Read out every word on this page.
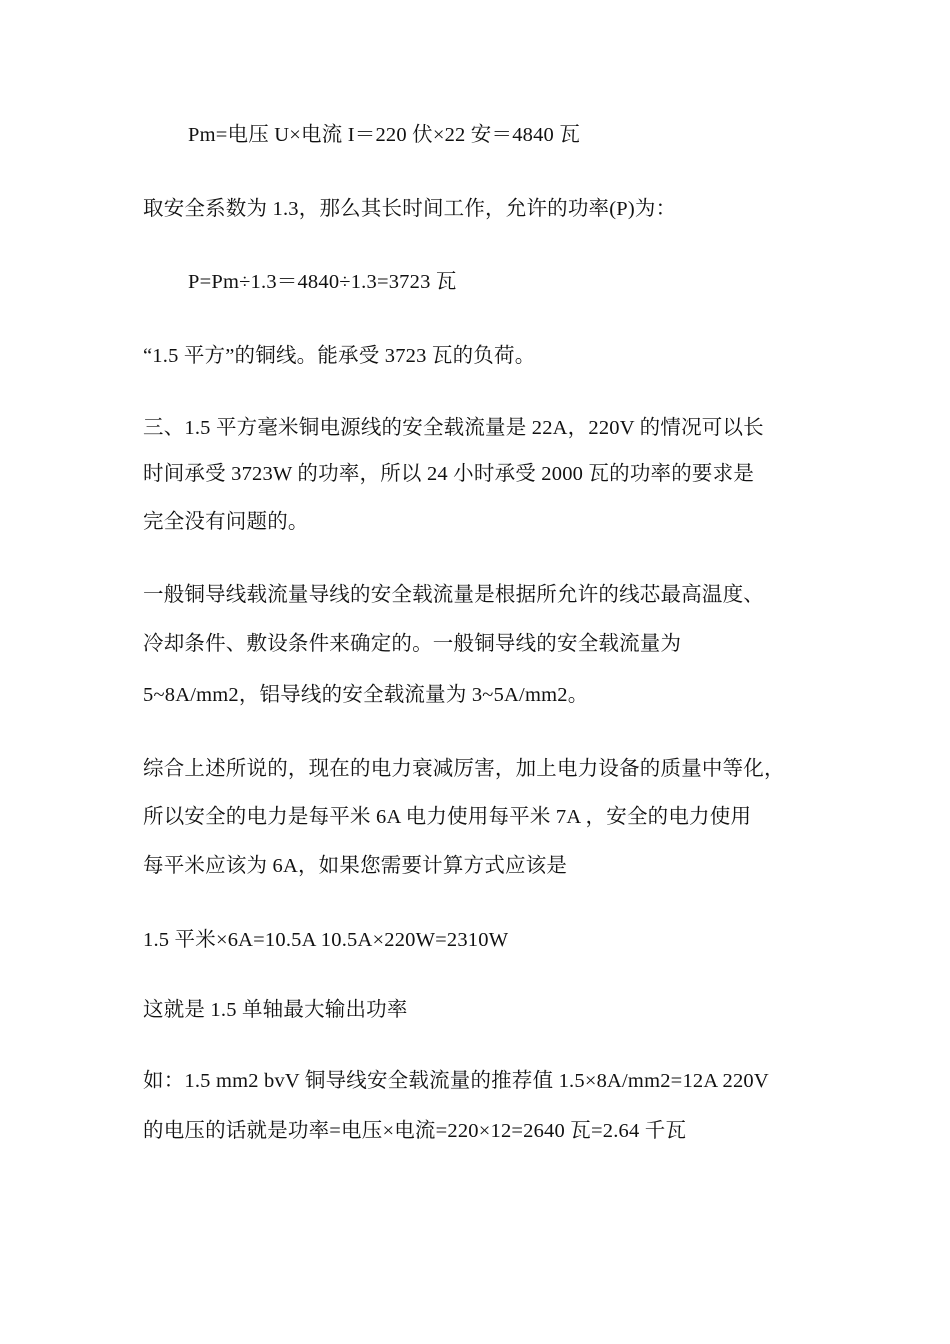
Pm=电压 U×电流 I＝220 伏×22 安＝4840 瓦
取安全系数为 1.3，那么其长时间工作，允许的功率(P)为：
P=Pm÷1.3＝4840÷1.3=3723 瓦
“1.5 平方”的铜线。能承受 3723 瓦的负荷。
三、1.5 平方毫米铜电源线的安全载流量是 22A，220V 的情况可以长
时间承受 3723W 的功率，所以 24 小时承受 2000 瓦的功率的要求是
完全没有问题的。
一般铜导线载流量导线的安全载流量是根据所允许的线芯最高温度、
冷却条件、敷设条件来确定的。一般铜导线的安全载流量为
5~8A/mm2，铝导线的安全载流量为 3~5A/mm2。
综合上述所说的，现在的电力衰减厉害，加上电力设备的质量中等化，
所以安全的电力是每平米 6A 电力使用每平米 7A ，安全的电力使用
每平米应该为 6A，如果您需要计算方式应该是
1.5 平米×6A=10.5A 10.5A×220W=2310W
这就是 1.5 单轴最大输出功率
如：1.5 mm2 bvV 铜导线安全载流量的推荐值 1.5×8A/mm2=12A 220V
的电压的话就是功率=电压×电流=220×12=2640 瓦=2.64 千瓦
